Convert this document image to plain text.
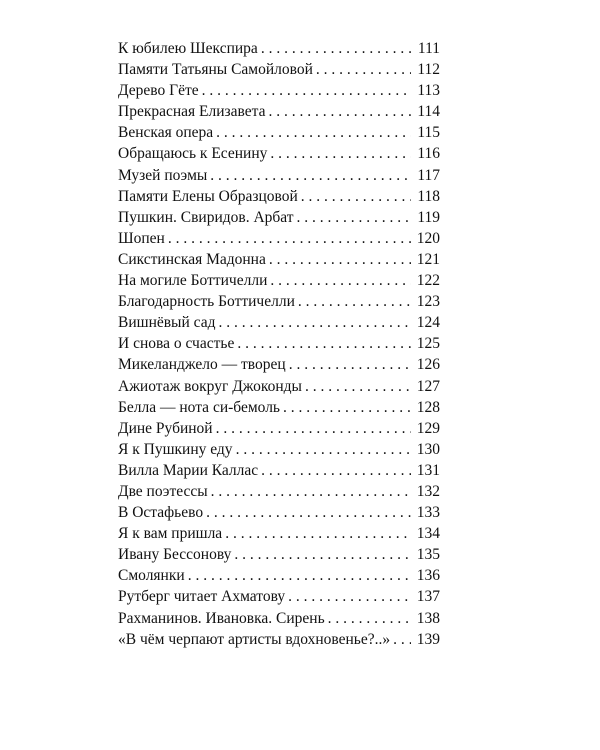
К юбилею Шекспира . . .	111
Памяти Татьяны Самойловой . . .	112
Дерево Гёте . . .	113
Прекрасная Елизавета . . .	114
Венская опера . . .	115
Обращаюсь к Есенину . . .	116
Музей поэмы . . .	117
Памяти Елены Образцовой . . .	118
Пушкин. Свиридов. Арбат . . .	119
Шопен . . .	120
Сикстинская Мадонна . . .	121
На могиле Боттичелли . . .	122
Благодарность Боттичелли . . .	123
Вишнёвый сад . . .	124
И снова о счастье . . .	125
Микеланджело — творец . . .	126
Ажиотаж вокруг Джоконды . . .	127
Белла — нота си-бемоль . . .	128
Дине Рубиной . . .	129
Я к Пушкину еду . . .	130
Вилла Марии Каллас . . .	131
Две поэтессы . . .	132
В Остафьево . . .	133
Я к вам пришла . . .	134
Ивану Бессонову . . .	135
Смолянки . . .	136
Рутберг читает Ахматову . . .	137
Рахманинов. Ивановка. Сирень . . .	138
«В чём черпают артисты вдохновенье?..» . . .	139
